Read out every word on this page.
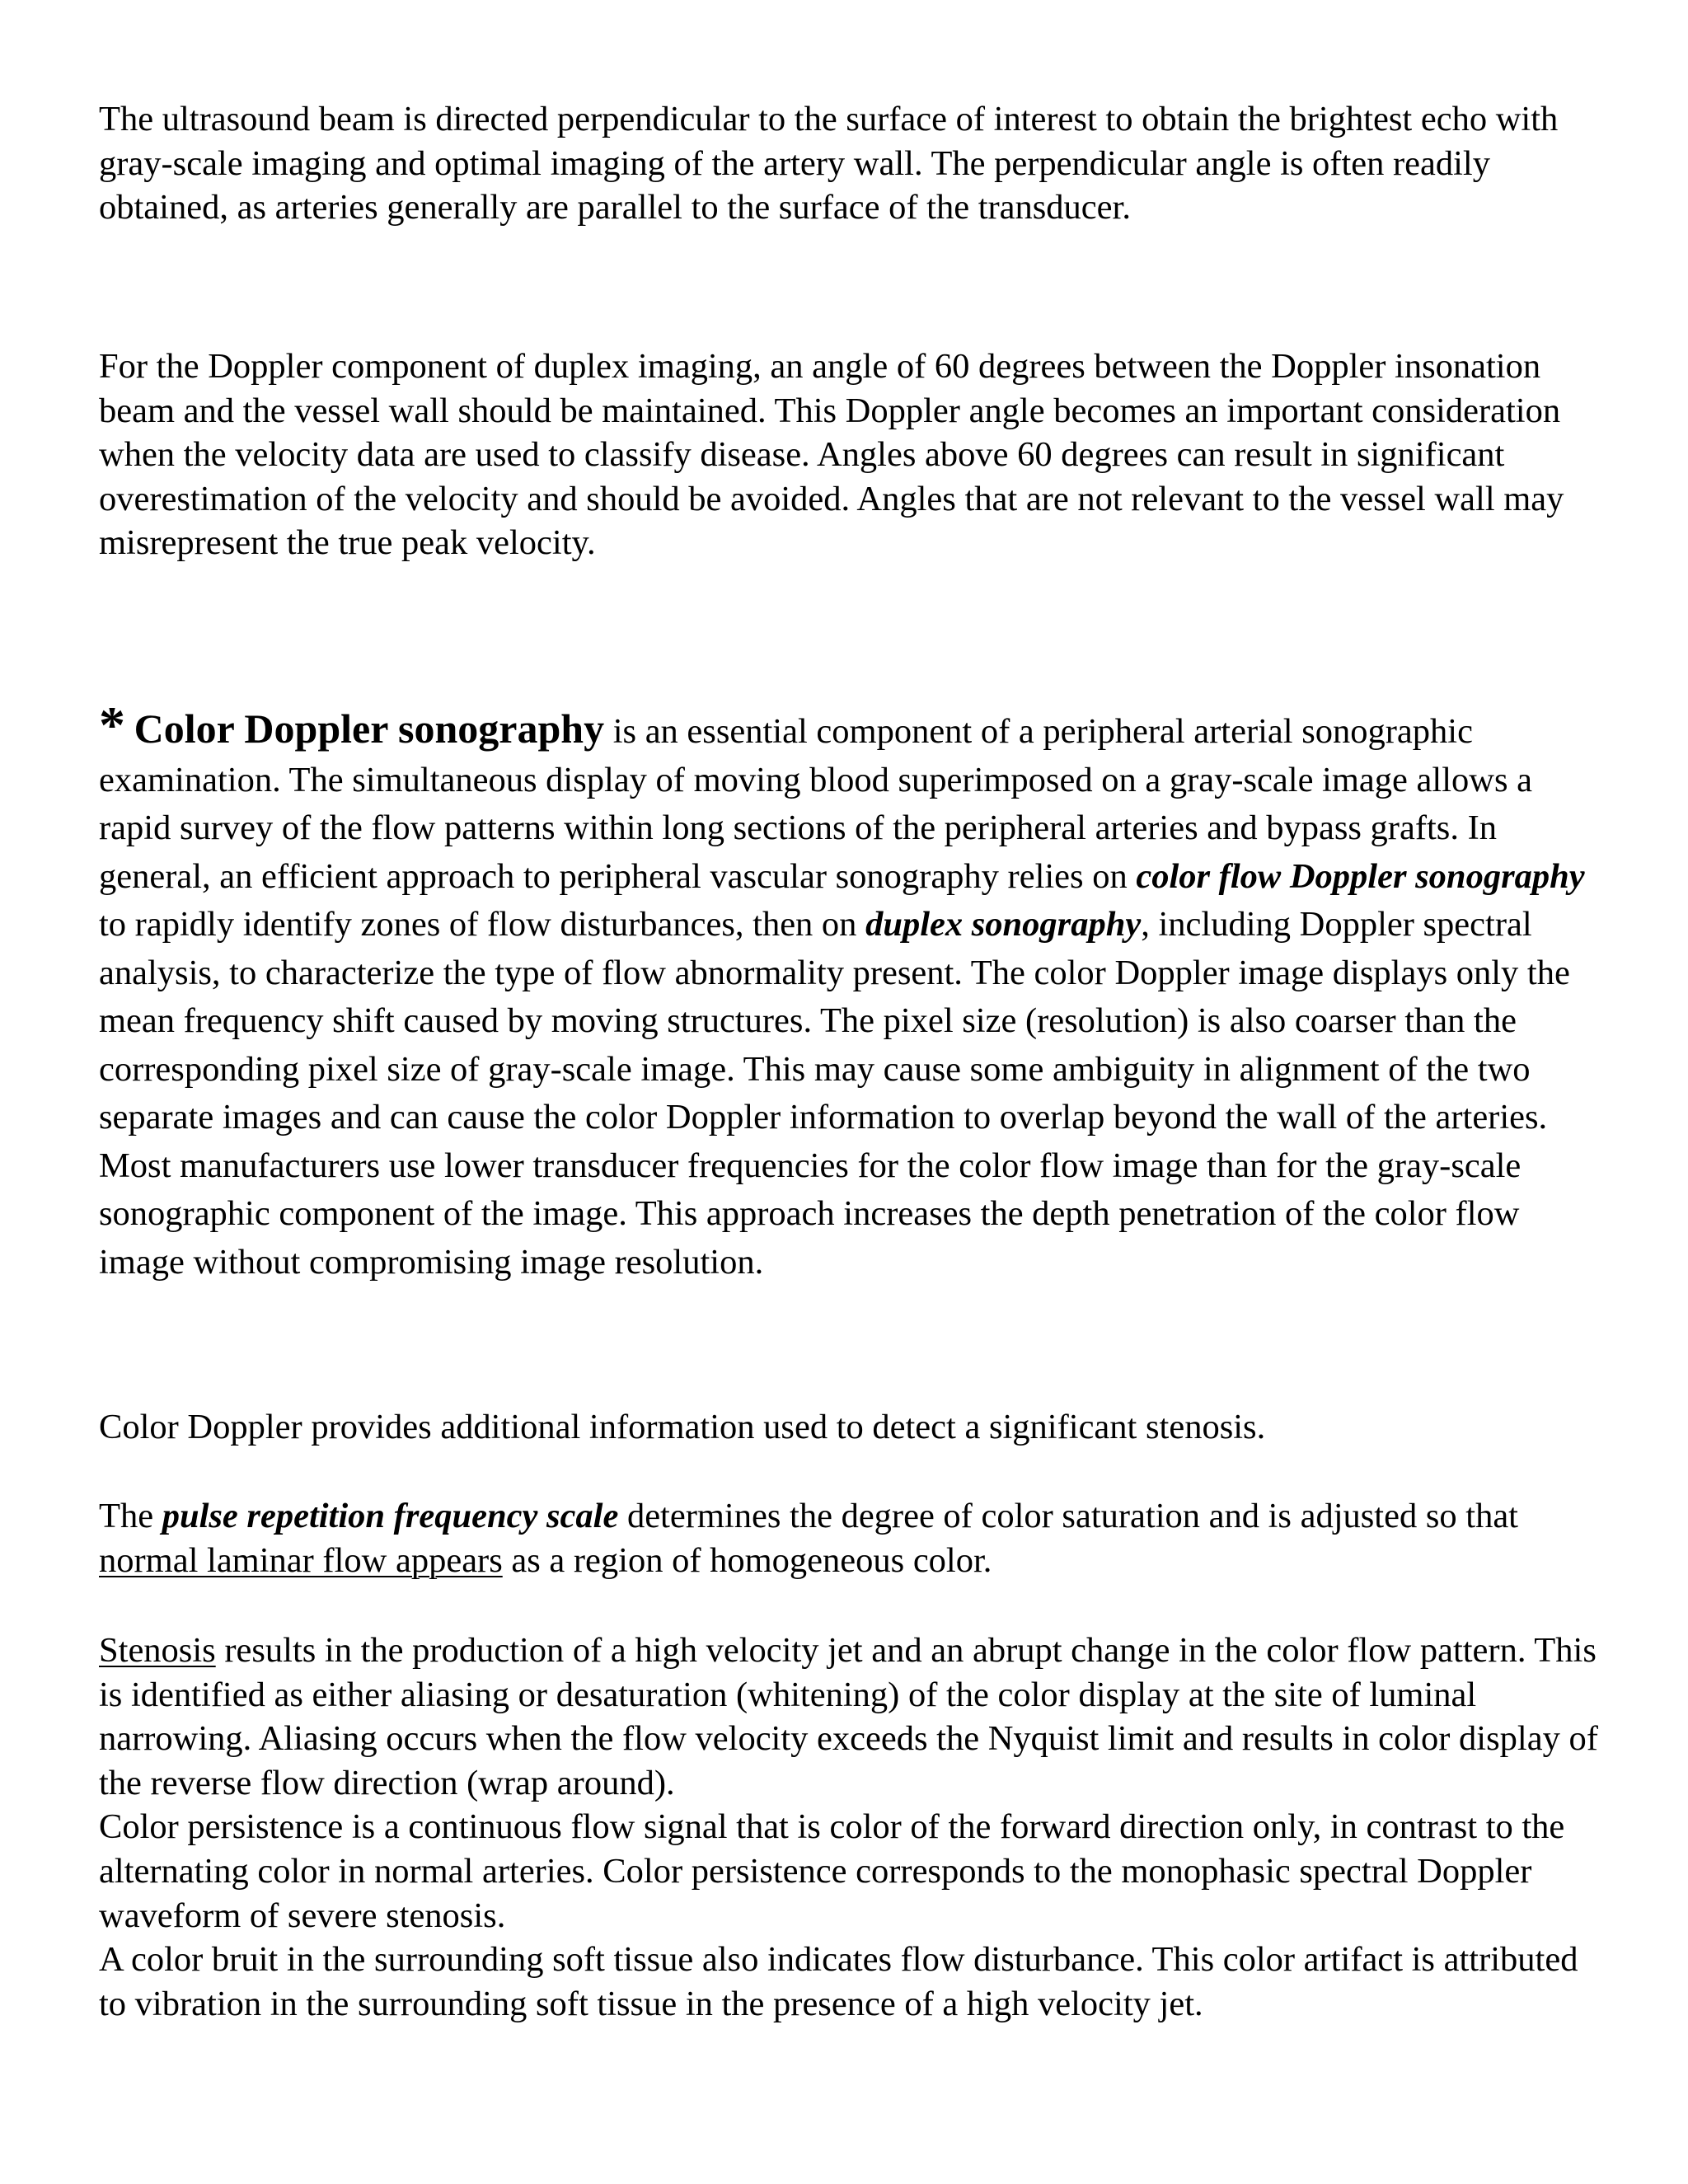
The ultrasound beam is directed perpendicular to the surface of interest to obtain the brightest echo with gray-scale imaging and optimal imaging of the artery wall. The perpendicular angle is often readily obtained, as arteries generally are parallel to the surface of the transducer.

For the Doppler component of duplex imaging, an angle of 60 degrees between the Doppler insonation beam and the vessel wall should be maintained. This Doppler angle becomes an important consideration when the velocity data are used to classify disease. Angles above 60 degrees can result in significant overestimation of the velocity and should be avoided. Angles that are not relevant to the vessel wall may misrepresent the true peak velocity.

* Color Doppler sonography is an essential component of a peripheral arterial sonographic examination. The simultaneous display of moving blood superimposed on a gray-scale image allows a rapid survey of the flow patterns within long sections of the peripheral arteries and bypass grafts. In general, an efficient approach to peripheral vascular sonography relies on color flow Doppler sonography to rapidly identify zones of flow disturbances, then on duplex sonography, including Doppler spectral analysis, to characterize the type of flow abnormality present. The color Doppler image displays only the mean frequency shift caused by moving structures. The pixel size (resolution) is also coarser than the corresponding pixel size of gray-scale image. This may cause some ambiguity in alignment of the two separate images and can cause the color Doppler information to overlap beyond the wall of the arteries. Most manufacturers use lower transducer frequencies for the color flow image than for the gray-scale sonographic component of the image. This approach increases the depth penetration of the color flow image without compromising image resolution.

Color Doppler provides additional information used to detect a significant stenosis.

The pulse repetition frequency scale determines the degree of color saturation and is adjusted so that normal laminar flow appears as a region of homogeneous color.

Stenosis results in the production of a high velocity jet and an abrupt change in the color flow pattern. This is identified as either aliasing or desaturation (whitening) of the color display at the site of luminal narrowing. Aliasing occurs when the flow velocity exceeds the Nyquist limit and results in color display of the reverse flow direction (wrap around).
Color persistence is a continuous flow signal that is color of the forward direction only, in contrast to the alternating color in normal arteries. Color persistence corresponds to the monophasic spectral Doppler waveform of severe stenosis.
A color bruit in the surrounding soft tissue also indicates flow disturbance. This color artifact is attributed to vibration in the surrounding soft tissue in the presence of a high velocity jet.
